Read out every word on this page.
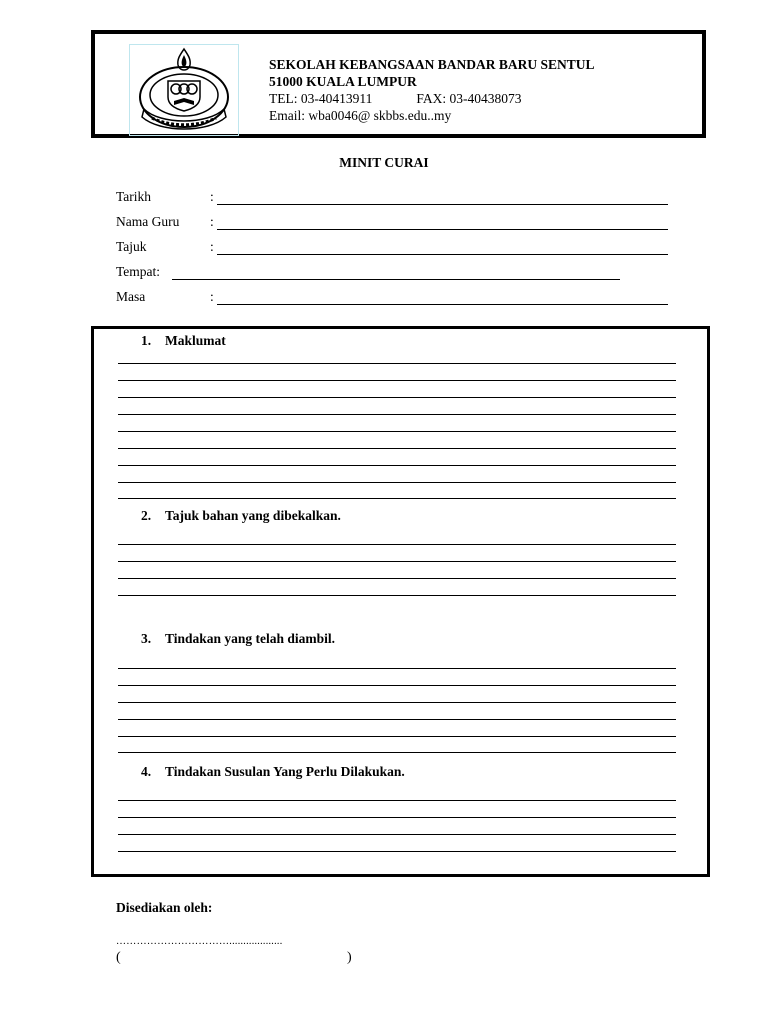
SEKOLAH KEBANGSAAN BANDAR BARU SENTUL
51000 KUALA LUMPUR
TEL: 03-40413911	FAX: 03-40438073
Email: wba0046@ skbbs.edu..my
MINIT CURAI
Tarikh	:
Nama Guru :
Tajuk	:
Tempat:
Masa	:
1. Maklumat
2. Tajuk bahan yang dibekalkan.
3. Tindakan yang telah diambil.
4. Tindakan Susulan Yang Perlu Dilakukan.
Disediakan oleh:
……………………………...................
(	)
